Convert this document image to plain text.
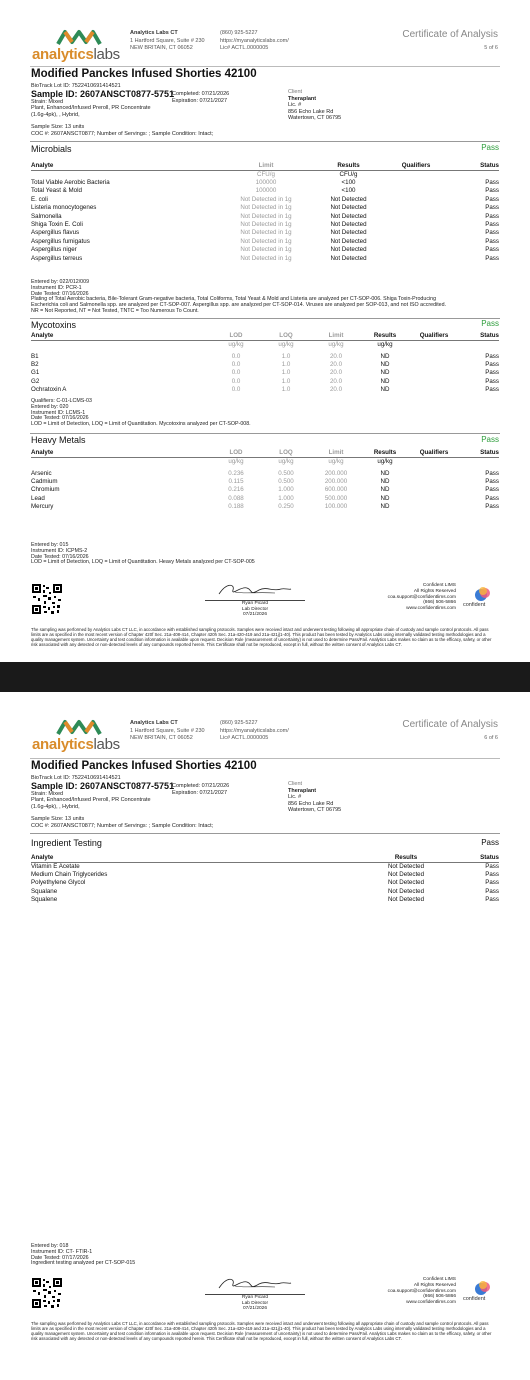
analyticslabs
Analytics Labs CT
1 Hartford Square, Suite # 230
NEW BRITAIN, CT 06052
(860) 925-5227
https://myanalyticslabs.com/
Lic# ACTL.0000005
Certificate of Analysis
5 of 6
Modified Panckes Infused Shorties 42100
BioTrack Lot ID: 7522410691414521
Sample ID: 2607ANSCT0877-5751
Strain: Mixed
Plant, Enhanced/Infused Preroll, PR Concentrate
(1.6g-4pk), , Hybrid,
Completed: 07/21/2026
Expiration: 07/21/2027
Client
Theraplant
Lic. #
856 Echo Lake Rd
Watertown, CT 06795
Sample Size: 13 units
COC #: 2607ANSCT0877; Number of Servings: ; Sample Condition: Intact;
Microbials	Pass
Analyte	Limit	Results	Qualifiers	Status
	CFU/g	CFU/g		
Total Viable Aerobic Bacteria	100000	<100		Pass
Total Yeast & Mold	100000	<100		Pass
E. coli	Not Detected in 1g	Not Detected		Pass
Listeria monocytogenes	Not Detected in 1g	Not Detected		Pass
Salmonella	Not Detected in 1g	Not Detected		Pass
Shiga Toxin E. Coli	Not Detected in 1g	Not Detected		Pass
Aspergillus flavus	Not Detected in 1g	Not Detected		Pass
Aspergillus fumigatus	Not Detected in 1g	Not Detected		Pass
Aspergillus niger	Not Detected in 1g	Not Detected		Pass
Aspergillus terreus	Not Detected in 1g	Not Detected		Pass
Entered by: 022/012/009
Instrument ID: PCR-1
Date Tested: 07/16/2026
Plating of Total Aerobic bacteria, Bile-Tolerant Gram-negative bacteria, Total Coliforms, Total Yeast & Mold and Listeria are analyzed per CT-SOP-006. Shiga Toxin-Producing
Escherichia coli and Salmonella spp. are analyzed per CT-SOP-007. Aspergillus spp. are analyzed per CT-SOP-014. Viruses are analyzed per SOP-013, and not ISO accredited.
NR = Not Reported, NT = Not Tested, TNTC = Too Numerous To Count.
Mycotoxins	Pass
Analyte	LOD	LOQ	Limit	Results	Qualifiers	Status
	ug/kg	ug/kg	ug/kg	ug/kg		
B1	0.0	1.0	20.0	ND		Pass
B2	0.0	1.0	20.0	ND		Pass
G1	0.0	1.0	20.0	ND		Pass
G2	0.0	1.0	20.0	ND		Pass
Ochratoxin A	0.0	1.0	20.0	ND		Pass
Qualifiers: C-01-LCMS-03
Entered by: 020
Instrument ID: LCMS-1
Date Tested: 07/16/2026
LOD = Limit of Detection, LOQ = Limit of Quantitation. Mycotoxins analyzed per CT-SOP-008.
Heavy Metals	Pass
Analyte	LOD	LOQ	Limit	Results	Qualifiers	Status
	ug/kg	ug/kg	ug/kg	ug/kg		
Arsenic	0.236	0.500	200.000	ND		Pass
Cadmium	0.115	0.500	200.000	ND		Pass
Chromium	0.216	1.000	600.000	ND		Pass
Lead	0.088	1.000	500.000	ND		Pass
Mercury	0.188	0.250	100.000	ND		Pass
Entered by: 015
Instrument ID: ICPMS-2
Date Tested: 07/16/2026
LOD = Limit of Detection, LOQ = Limit of Quantitation. Heavy Metals analyzed per CT-SOP-005
Ryan Picard
Lab Director
07/21/2026
Confident LIMS
All Rights Reserved
coa.support@confidentlims.com
(866) 506-5866
www.confidentlims.com
confident
The sampling was performed by Analytics Labs CT LLC, in accordance with established sampling protocols. Samples were received intact and underwent testing following all appropriate chain of custody and sample control protocols. All pass limits are as specified in the most recent version of Chapter 420f Sec. 21a-408-414, Chapter 420h Sec. 21a-420-419 and 21a-421j(1-40). This product has been tested by Analytics Labs using internally validated testing methodologies and a quality management system. Uncertainty and test condition information is available upon request. Decision Rule (measurement of uncertainty) is not used to determine Pass/Fail. Analytics Labs makes no claim as to the efficacy, safety, or other risk associated with any detected or non-detected levels of any compounds reported herein. This Certificate shall not be reproduced, except in full, without the written consent of Analytics Labs CT.
analyticslabs
Analytics Labs CT
1 Hartford Square, Suite # 230
NEW BRITAIN, CT 06052
(860) 925-5227
https://myanalyticslabs.com/
Lic# ACTL.0000005
Certificate of Analysis
6 of 6
Modified Panckes Infused Shorties 42100
BioTrack Lot ID: 7522410691414521
Sample ID: 2607ANSCT0877-5751
Strain: Mixed
Plant, Enhanced/Infused Preroll, PR Concentrate
(1.6g-4pk), , Hybrid,
Completed: 07/21/2026
Expiration: 07/21/2027
Client
Theraplant
Lic. #
856 Echo Lake Rd
Watertown, CT 06795
Sample Size: 13 units
COC #: 2607ANSCT0877; Number of Servings: ; Sample Condition: Intact;
Ingredient Testing	Pass
Analyte	Results	Status
Vitamin E Acetate	Not Detected	Pass
Medium Chain Triglycerides	Not Detected	Pass
Polyethylene Glycol	Not Detected	Pass
Squalane	Not Detected	Pass
Squalene	Not Detected	Pass
Entered by: 018
Instrument ID: CT- FTIR-1
Date Tested: 07/17/2026
Ingredient testing analyzed per CT-SOP-015
Ryan Picard
Lab Director
07/21/2026
Confident LIMS
All Rights Reserved
coa.support@confidentlims.com
(866) 506-5866
www.confidentlims.com
confident
The sampling was performed by Analytics Labs CT LLC, in accordance with established sampling protocols. Samples were received intact and underwent testing following all appropriate chain of custody and sample control protocols. All pass limits are as specified in the most recent version of Chapter 420f Sec. 21a-408-414, Chapter 420h Sec. 21a-420-419 and 21a-421j(1-40). This product has been tested by Analytics Labs using internally validated testing methodologies and a quality management system. Uncertainty and test condition information is available upon request. Decision Rule (measurement of uncertainty) is not used to determine Pass/Fail. Analytics Labs makes no claim as to the efficacy, safety, or other risk associated with any detected or non-detected levels of any compounds reported herein. This Certificate shall not be reproduced, except in full, without the written consent of Analytics Labs CT.
